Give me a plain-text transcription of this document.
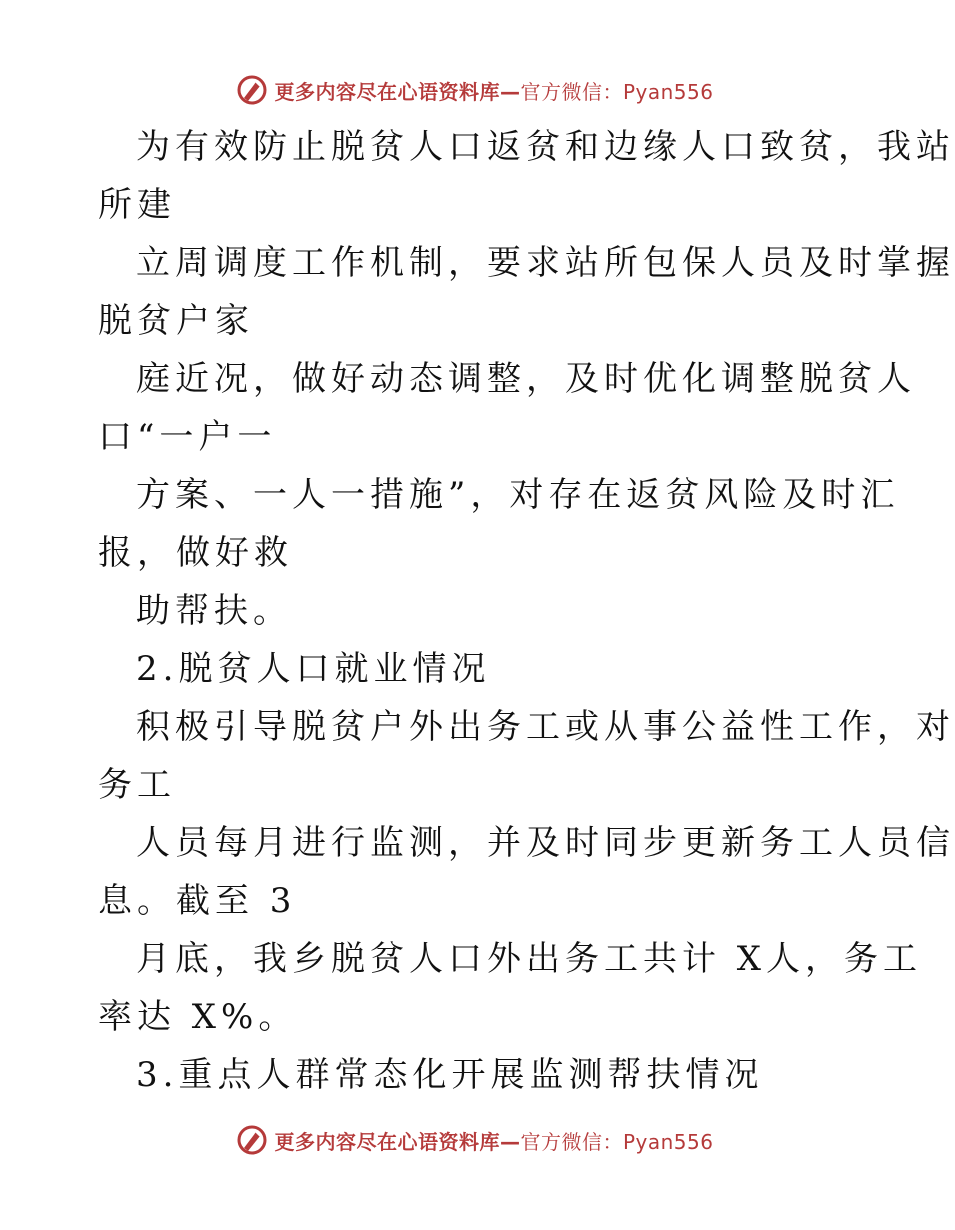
更多内容尽在心语资料库—官方微信：Pyan556
为有效防止脱贫人口返贫和边缘人口致贫，我站
所建
立周调度工作机制，要求站所包保人员及时掌握
脱贫户家
庭近况，做好动态调整，及时优化调整脱贫人
口“一户一
方案、一人一措施”，对存在返贫风险及时汇
报，做好救
助帮扶。
2.脱贫人口就业情况
积极引导脱贫户外出务工或从事公益性工作，对
务工
人员每月进行监测，并及时同步更新务工人员信
息。截至 3
月底，我乡脱贫人口外出务工共计 X人，务工
率达 X%。
3.重点人群常态化开展监测帮扶情况
更多内容尽在心语资料库—官方微信：Pyan556
